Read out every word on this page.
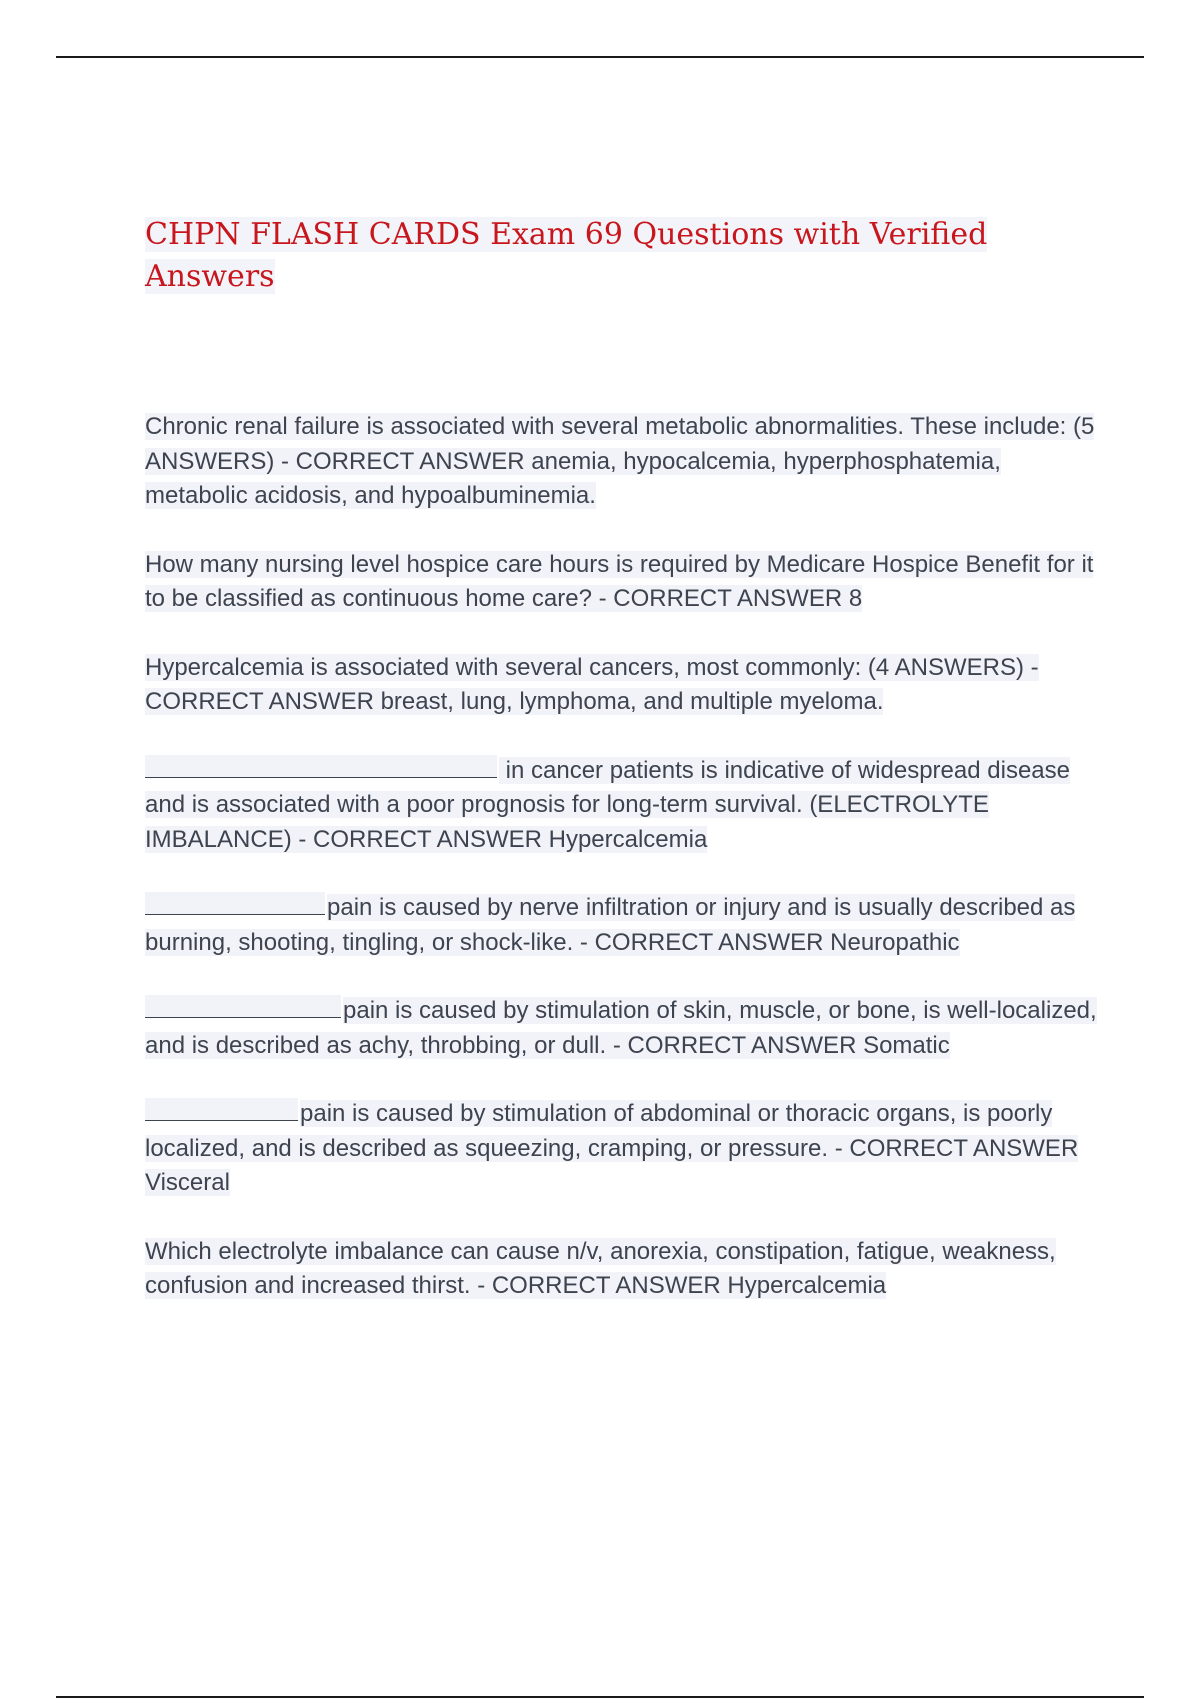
CHPN FLASH CARDS Exam 69 Questions with Verified Answers

Chronic renal failure is associated with several metabolic abnormalities. These include: (5 ANSWERS) - CORRECT ANSWER anemia, hypocalcemia, hyperphosphatemia, metabolic acidosis, and hypoalbuminemia.

How many nursing level hospice care hours is required by Medicare Hospice Benefit for it to be classified as continuous home care? - CORRECT ANSWER 8

Hypercalcemia is associated with several cancers, most commonly: (4 ANSWERS) - CORRECT ANSWER breast, lung, lymphoma, and multiple myeloma.

in cancer patients is indicative of widespread disease and is associated with a poor prognosis for long-term survival. (ELECTROLYTE IMBALANCE) - CORRECT ANSWER Hypercalcemia

pain is caused by nerve infiltration or injury and is usually described as burning, shooting, tingling, or shock-like. - CORRECT ANSWER Neuropathic

pain is caused by stimulation of skin, muscle, or bone, is well-localized, and is described as achy, throbbing, or dull. - CORRECT ANSWER Somatic

pain is caused by stimulation of abdominal or thoracic organs, is poorly localized, and is described as squeezing, cramping, or pressure. - CORRECT ANSWER Visceral

Which electrolyte imbalance can cause n/v, anorexia, constipation, fatigue, weakness, confusion and increased thirst. - CORRECT ANSWER Hypercalcemia
